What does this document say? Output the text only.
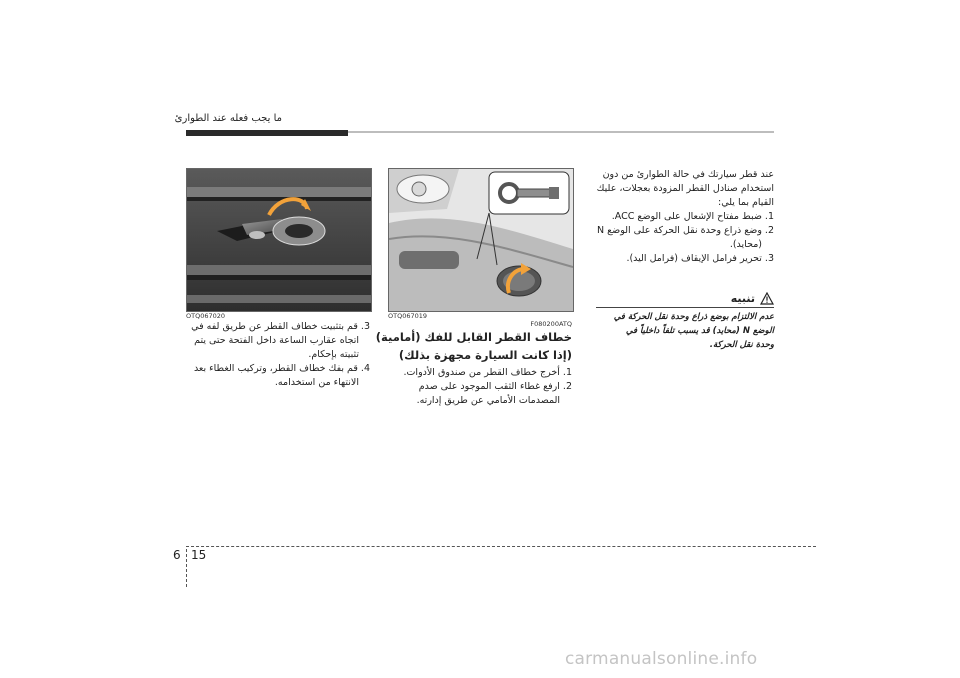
ما يجب فعله عند الطوارئ
OTQ067020	OTQ067019
F080200ATQ
خطاف القطر القابل للفك (أمامية)
(إذا كانت السيارة مجهزة بذلك)
1. أخرج خطاف القطر من صندوق الأدوات.
2. ارفع غطاء الثقب الموجود على صدم
المصدمات الأمامي عن طريق إدارته.
3. قم بتثبيت خطاف القطر عن طريق لفه في
اتجاه عقارب الساعة داخل الفتحة حتى يتم
تثبيته بإحكام.
4. قم بفك خطاف القطر، وتركيب الغطاء بعد
الانتهاء من استخدامه.
عند قطر سيارتك في حالة الطوارئ من دون
استخدام صنادل القطر المزودة بعجلات، عليك
القيام بما يلي:
1. ضبط مفتاح الإشعال على الوضع ACC.
2. وضع ذراع وحدة نقل الحركة على الوضع N
(محايد).
3. تحرير فرامل الإيقاف (فرامل اليد).
تنبيه
عدم الالتزام بوضع ذراع وحدة نقل الحركة في
الوضع N (محايد) قد يسبب تلفاً داخلياً في
وحدة نقل الحركة.
6 15
carmanualsonline.info
